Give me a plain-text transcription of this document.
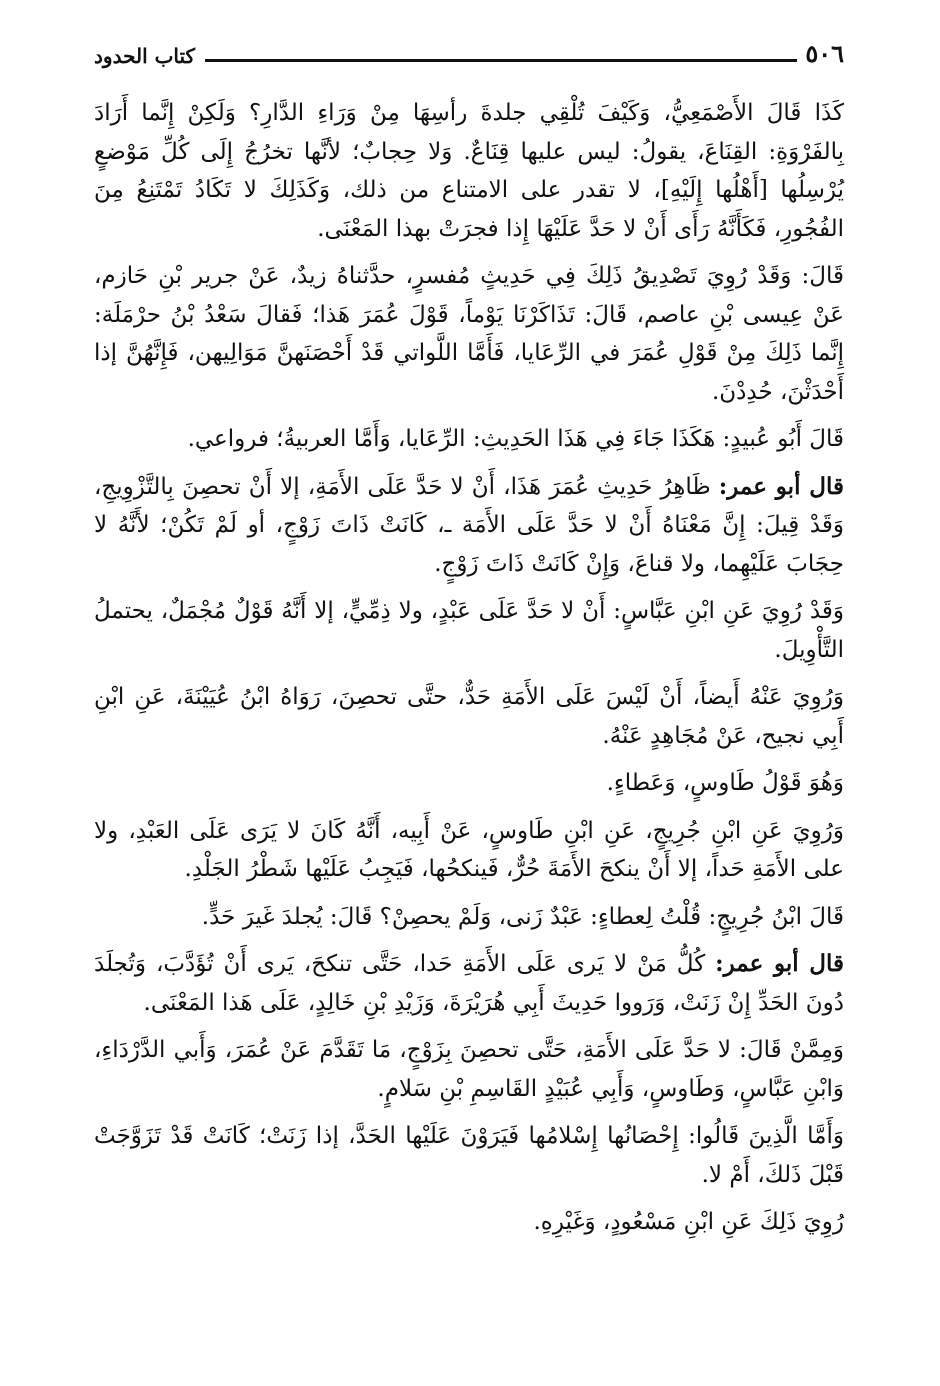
٥٠٦
كتاب الحدود

كَذَا قَالَ الأَصْمَعِيُّ، وَكَيْفَ تُلْقِي جلدةَ رأسِهَا مِنْ وَرَاءِ الدَّارِ؟ وَلَكِنْ إِنَّما أَرَادَ بِالفَرْوَةِ: القِنَاعَ، يقولُ: ليس عليها قِنَاعٌ. وَلا حِجابٌ؛ لأنَّها تخرُجُ إِلَى كُلِّ مَوْضعٍ يُرْسِلُها [أَهْلُها إِلَيْهِ]، لا تقدر على الامتناع من ذلك، وَكَذَلِكَ لا تَكَادُ تَمْتَنِعُ مِنَ الفُجُورِ، فَكَأَنَّهُ رَأَى أَنْ لا حَدَّ عَلَيْهَا إِذا فجرَتْ بهذا المَعْنَى.

قَالَ: وَقَدْ رُوِيَ تَصْدِيقُ ذَلِكَ فِي حَدِيثٍ مُفسرٍ، حدَّثناهُ زيدٌ، عَنْ جرير بْنِ حَازم، عَنْ عِيسى بْنِ عاصم، قَالَ: تَذَاكَرْنَا يَوْماً، قَوْلَ عُمَرَ هَذا؛ فَقالَ سَعْدُ بْنُ حرْمَلَة: إِنَّما ذَلِكَ مِنْ قَوْلِ عُمَرَ في الرِّعَايا، فَأَمَّا اللَّواتي قَدْ أَحْصَنَهنَّ مَوَالِيهن، فَإِنَّهُنَّ إذا أَحْدَثْنَ، حُدِدْنَ.

قَالَ أَبُو عُبيدٍ: هَكَذَا جَاءَ فِي هَذَا الحَدِيثِ: الرِّعَايا، وَأَمَّا العربيةُ؛ فرواعي.

قال أبو عمر: ظَاهِرُ حَدِيثِ عُمَرَ هَذَا، أَنْ لا حَدَّ عَلَى الأَمَةِ، إلا أَنْ تحصِنَ بِالتَّزْوِيجِ، وَقَدْ قِيلَ: إِنَّ مَعْنَاهُ أَنْ لا حَدَّ عَلَى الأَمَة ـ، كَانَتْ ذَاتَ زَوْجٍ، أو لَمْ تَكُنْ؛ لأَنَّهُ لا حِجَابَ عَلَيْهِما، ولا قناعَ، وَإِنْ كَانَتْ ذَاتَ زَوْجٍ.

وَقَدْ رُوِيَ عَنِ ابْنِ عَبَّاسٍ: أَنْ لا حَدَّ عَلَى عَبْدٍ، ولا ذِمِّيٍّ، إلا أَنَّهُ قَوْلٌ مُجْمَلٌ، يحتملُ التَّأْوِيلَ.

وَرُوِيَ عَنْهُ أَيضاً، أَنْ لَيْسَ عَلَى الأَمَةِ حَدٌّ، حتَّى تحصِنَ، رَوَاهُ ابْنُ عُيَيْنَةَ، عَنِ ابْنِ أَبِي نجيح، عَنْ مُجَاهِدٍ عَنْهُ.

وَهُوَ قَوْلُ طَاوسٍ، وَعَطاءٍ.

وَرُوِيَ عَنِ ابْنِ جُرِيجٍ، عَنِ ابْنِ طَاوسٍ، عَنْ أَبِيه، أَنَّهُ كَانَ لا يَرَى عَلَى العَبْدِ، ولا على الأَمَةِ حَداً، إلا أَنْ ينكحَ الأَمَةَ حُرٌّ، فَينكحُها، فَيَجِبُ عَلَيْها شَطْرُ الجَلْدِ.

قَالَ ابْنُ جُرِيجٍ: قُلْتُ لِعطاءٍ: عَبْدٌ زَنى، وَلَمْ يحصِنْ؟ قَالَ: يُجلدَ غَيرَ حَدٍّ.

قال أبو عمر: كُلُّ مَنْ لا يَرى عَلَى الأَمَةِ حَدا، حَتَّى تنكحَ، يَرى أَنْ تُؤَدَّبَ، وَتُجلَدَ دُونَ الحَدِّ إِنْ زَنَتْ، وَرَووا حَدِيثَ أَبِي هُرَيْرَةَ، وَزَيْدِ بْنِ خَالِدٍ، عَلَى هَذا المَعْنَى.

وَمِمَّنْ قَالَ: لا حَدَّ عَلَى الأَمَةِ، حَتَّى تحصِنَ بِزَوْجٍ، مَا تَقَدَّمَ عَنْ عُمَرَ، وَأَبي الدَّرْدَاءِ، وَابْنِ عَبَّاسٍ، وَطَاوسٍ، وَأَبِي عُبَيْدٍ القَاسِمِ بْنِ سَلامٍ.

وَأَمَّا الَّذِينَ قَالُوا: إِحْصَانُها إِسْلامُها فَيَرَوْنَ عَلَيْها الحَدَّ، إذا زَنَتْ؛ كَانَتْ قَدْ تَزَوَّجَتْ قَبْلَ ذَلكَ، أَمْ لا.

رُوِيَ ذَلِكَ عَنِ ابْنِ مَسْعُودٍ، وَغَيْرِهِ.
